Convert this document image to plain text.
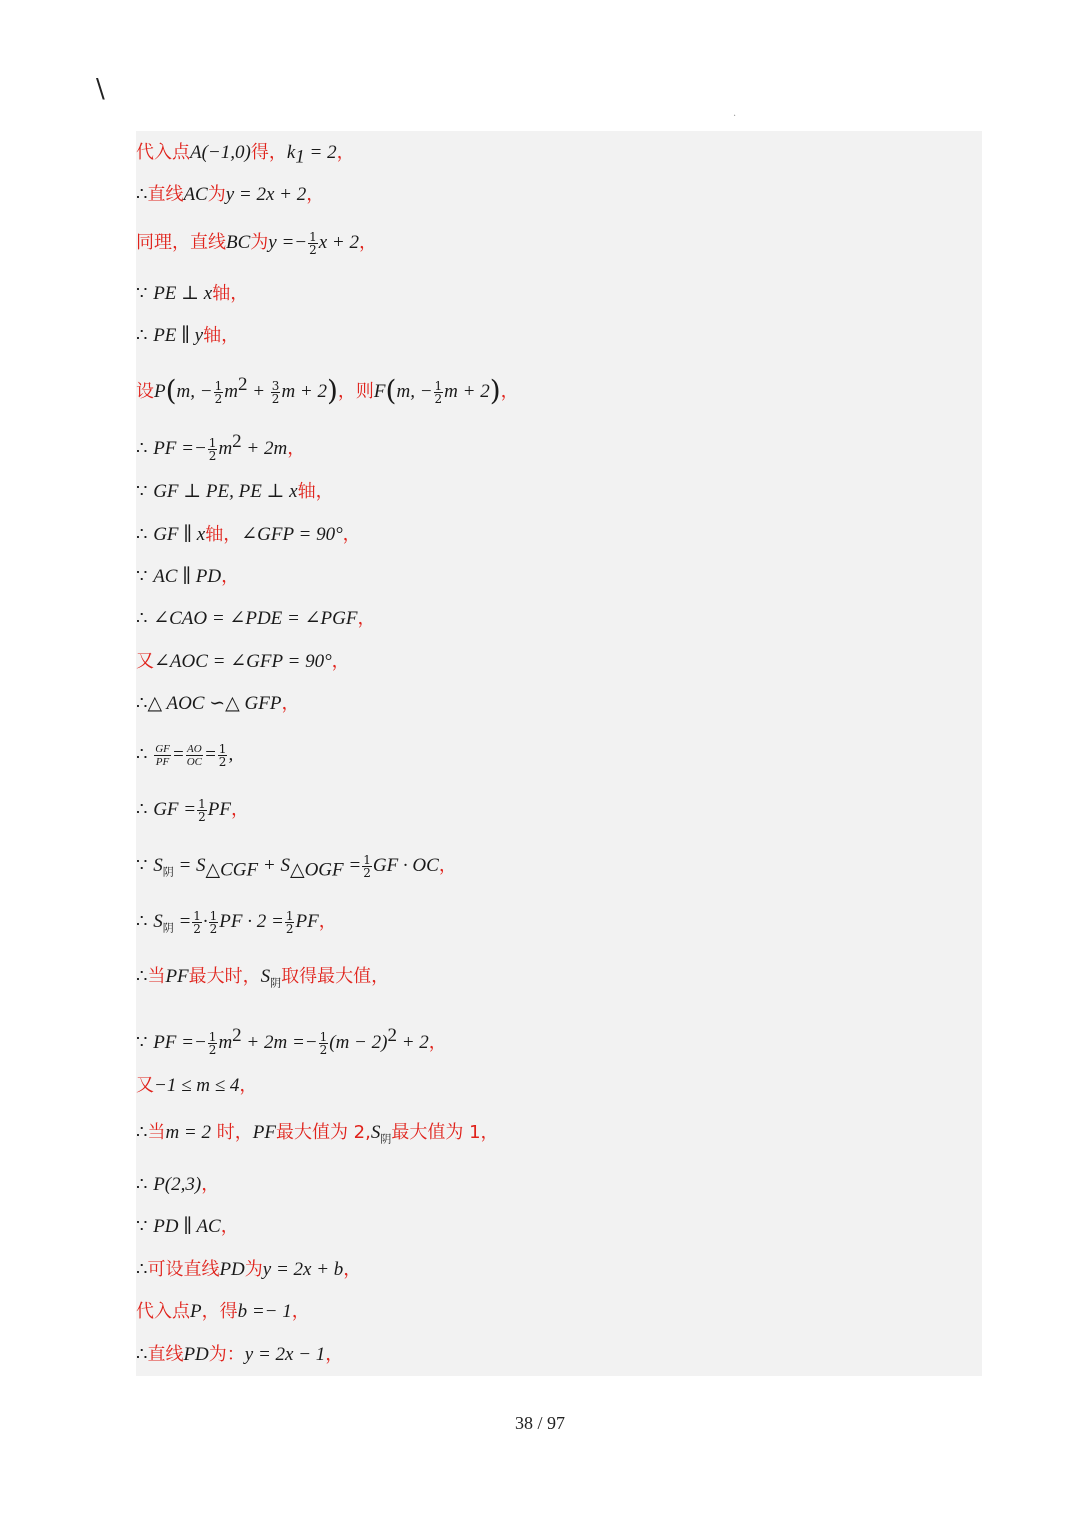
\
.
代入点A(−1,0)得，$k_1 = 2$，
∴直线AC为y = 2x + 2，
同理，直线BC为$y =- \frac{1}{2}$ x + 2，
∵ PE ⊥ x轴，
∴ PE ∥ y轴，
设P(m, − $\frac{1}{2} m^2 + \frac{3}{2}$ m + 2)，则F(m, − $\frac{1}{2}$ m + 2)，
∴ PF =− $\frac{1}{2} m^2 + 2m$，
∵ GF ⊥ PE, PE ⊥ x轴，
∴ GF ∥ x轴，∠GFP = 90°，
∵ AC ∥ PD，
∴ ∠CAO = ∠PDE = ∠PGF，
又∠AOC = ∠GFP = 90°，
∴△ AOC ∽△ GFP，
∴ $\frac{GF}{PF} = \frac{AO}{OC} = \frac{1}{2}$ ,
∴ GF = $\frac{1}{2}$ PF，
∵ $S_阴 = S_{\triangle CGF} + S_{\triangle OGF} = \frac{1}{2}$ GF · OC，
∴ $S_阴 = \frac{1}{2} \cdot \frac{1}{2}$ PF · $2 = \frac{1}{2}$ PF，
∴当PF最大时，$S_阴$取得最大值，
∵ PF =− $\frac{1}{2} m^2 + 2m =- \frac{1}{2} (m - 2)^2 + 2$，
又−1 ≤ m ≤ 4，
∴当m = 2 时，PF最大值为 $2,S_阴$最大值为 1，
∴ P(2,3)，
∵ PD ∥ AC，
∴可设直线PD为y = 2x + b，
代入点P，得b =− 1，
∴直线PD为：y = 2x − 1，
38 / 97
